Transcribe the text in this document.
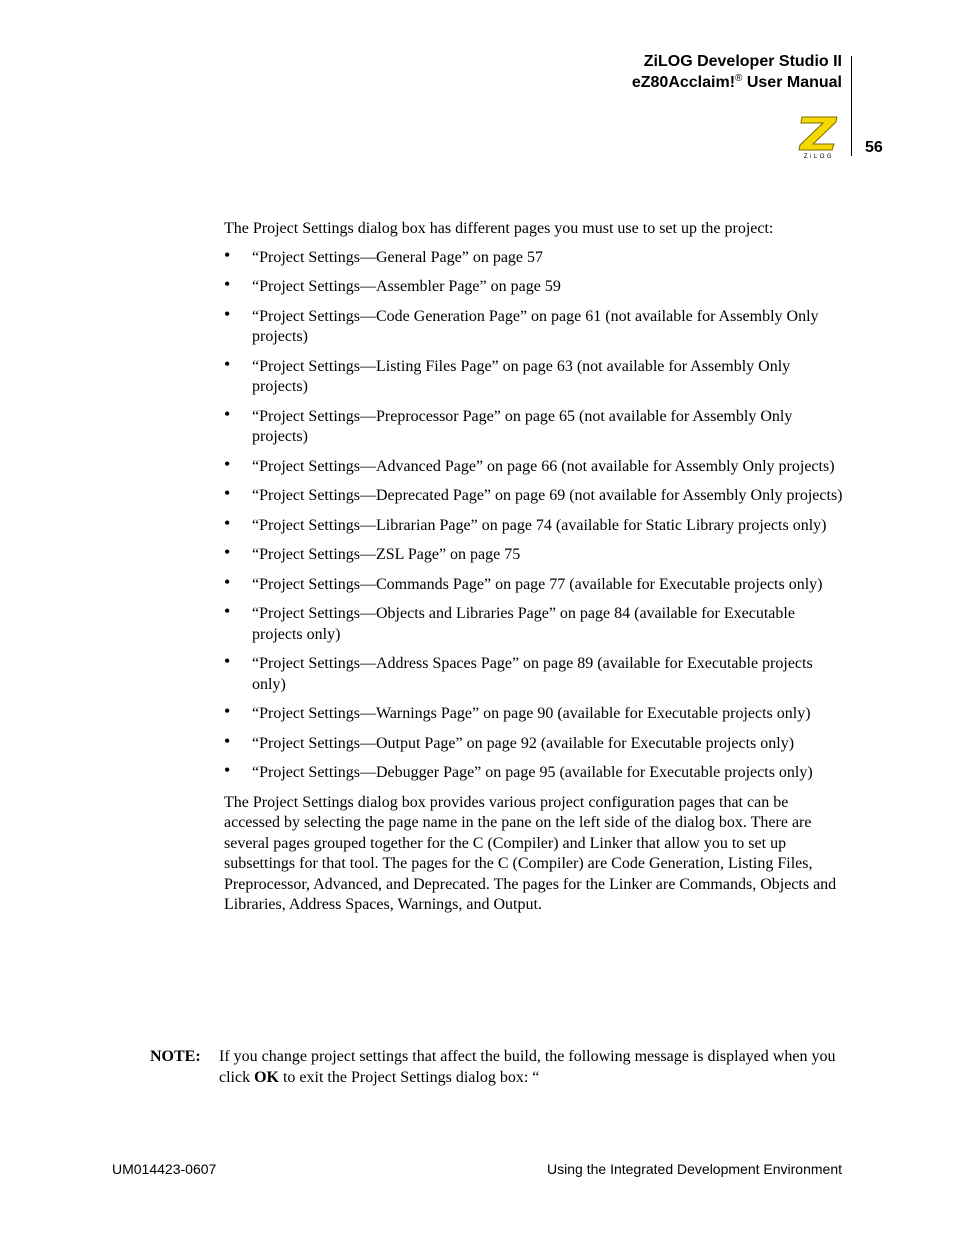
ZiLOG Developer Studio II
eZ80Acclaim!® User Manual
ZiLOG
56

The Project Settings dialog box has different pages you must use to set up the project:

• “Project Settings—General Page” on page 57
• “Project Settings—Assembler Page” on page 59
• “Project Settings—Code Generation Page” on page 61 (not available for Assembly Only projects)
• “Project Settings—Listing Files Page” on page 63 (not available for Assembly Only projects)
• “Project Settings—Preprocessor Page” on page 65 (not available for Assembly Only projects)
• “Project Settings—Advanced Page” on page 66 (not available for Assembly Only projects)
• “Project Settings—Deprecated Page” on page 69 (not available for Assembly Only projects)
• “Project Settings—Librarian Page” on page 74 (available for Static Library projects only)
• “Project Settings—ZSL Page” on page 75
• “Project Settings—Commands Page” on page 77 (available for Executable projects only)
• “Project Settings—Objects and Libraries Page” on page 84 (available for Executable projects only)
• “Project Settings—Address Spaces Page” on page 89 (available for Executable projects only)
• “Project Settings—Warnings Page” on page 90 (available for Executable projects only)
• “Project Settings—Output Page” on page 92 (available for Executable projects only)
• “Project Settings—Debugger Page” on page 95 (available for Executable projects only)

The Project Settings dialog box provides various project configuration pages that can be accessed by selecting the page name in the pane on the left side of the dialog box. There are several pages grouped together for the C (Compiler) and Linker that allow you to set up subsettings for that tool. The pages for the C (Compiler) are Code Generation, Listing Files, Preprocessor, Advanced, and Deprecated. The pages for the Linker are Commands, Objects and Libraries, Address Spaces, Warnings, and Output.

NOTE: If you change project settings that affect the build, the following message is displayed when you click OK to exit the Project Settings dialog box: “
UM014423-0607	Using the Integrated Development Environment
